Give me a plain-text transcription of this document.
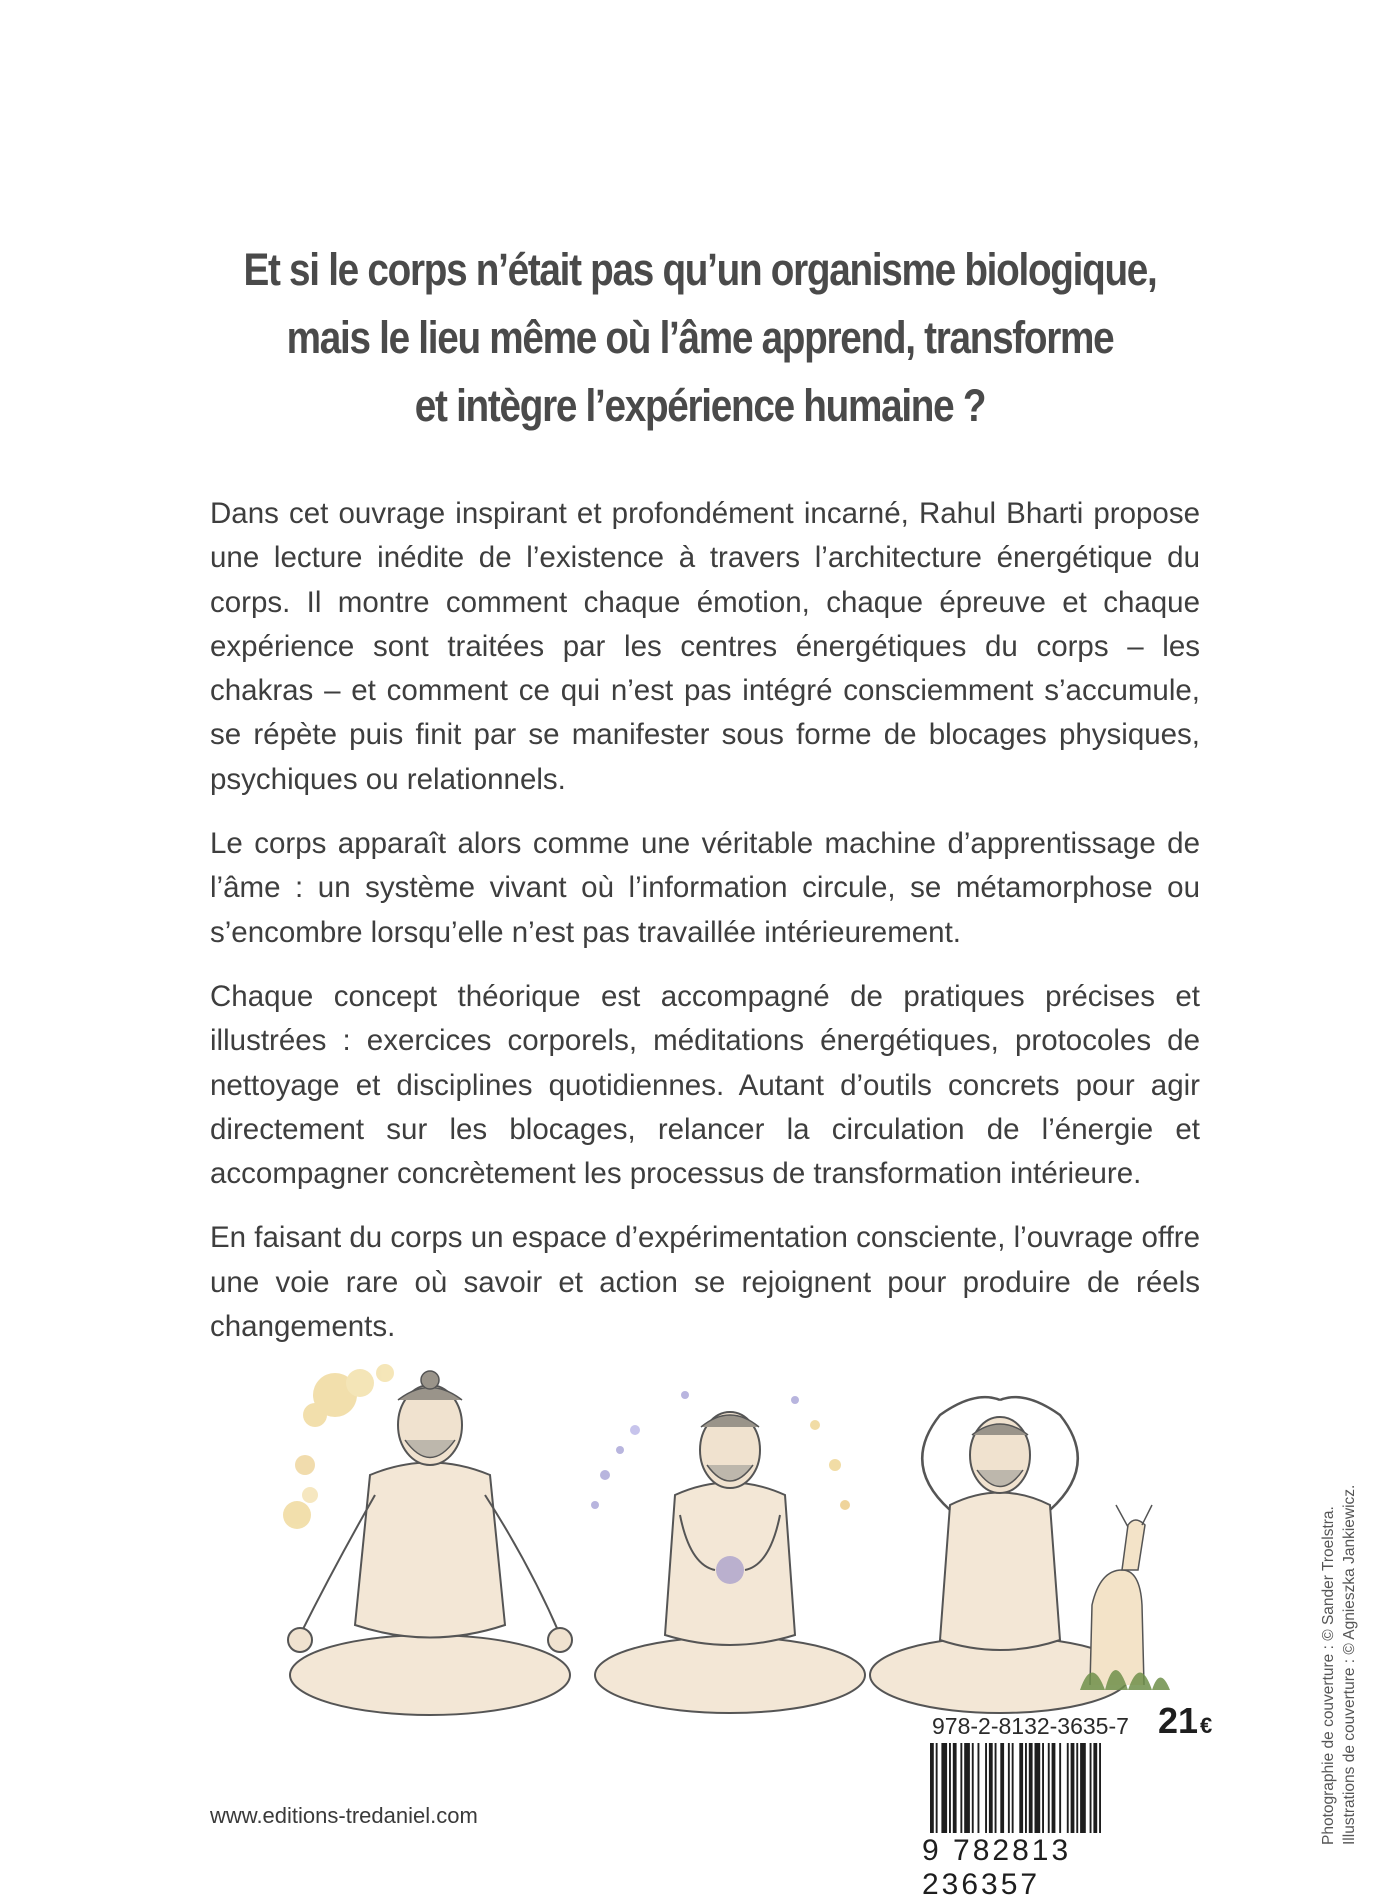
Et si le corps n’était pas qu’un organisme biologique,
mais le lieu même où l’âme apprend, transforme
et intègre l’expérience humaine ?

Dans cet ouvrage inspirant et profondément incarné, Rahul Bharti propose une lecture inédite de l’existence à travers l’architecture énergétique du corps. Il montre comment chaque émotion, chaque épreuve et chaque expérience sont traitées par les centres énergétiques du corps – les chakras – et comment ce qui n’est pas intégré consciemment s’accumule, se répète puis finit par se manifester sous forme de blocages physiques, psychiques ou relationnels.

Le corps apparaît alors comme une véritable machine d’apprentissage de l’âme : un système vivant où l’information circule, se métamorphose ou s’encombre lorsqu’elle n’est pas travaillée intérieurement.

Chaque concept théorique est accompagné de pratiques précises et illustrées : exercices corporels, méditations énergétiques, protocoles de nettoyage et disciplines quotidiennes. Autant d’outils concrets pour agir directement sur les blocages, relancer la circulation de l’énergie et accompagner concrètement les processus de transformation intérieure.

En faisant du corps un espace d’expérimentation consciente, l’ouvrage offre une voie rare où savoir et action se rejoignent pour produire de réels changements.

978-2-8132-3635-7 21€
9 782813 236357
www.editions-tredaniel.com	Photographie de couverture : © Sander Troelstra. Illustrations de couverture : © Agnieszka Jankiewicz.
